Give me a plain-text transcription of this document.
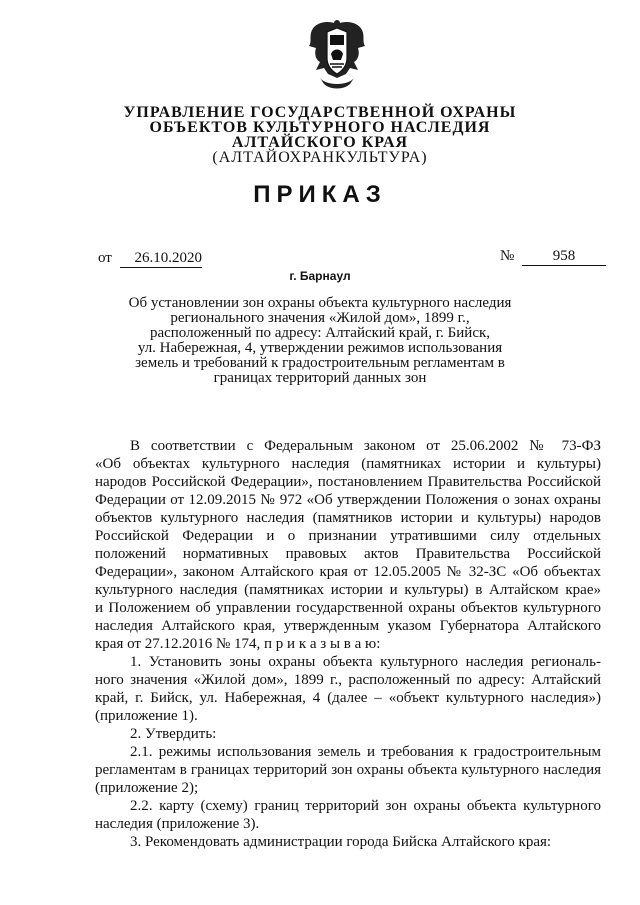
УПРАВЛЕНИЕ ГОСУДАРСТВЕННОЙ ОХРАНЫ
ОБЪЕКТОВ КУЛЬТУРНОГО НАСЛЕДИЯ
АЛТАЙСКОГО КРАЯ
(АЛТАЙОХРАНКУЛЬТУРА)
ПРИКАЗ
от	26.10.2020	№	958
г. Барнаул
Об установлении зон охраны объекта культурного наследия
регионального значения «Жилой дом», 1899 г.,
расположенный по адресу: Алтайский край, г. Бийск,
ул. Набережная, 4, утверждении режимов использования
земель и требований к градостроительным регламентам в
границах территорий данных зон
В соответствии с Федеральным законом от 25.06.2002 № 73-ФЗ
«Об объектах культурного наследия (памятниках истории и культуры)
народов Российской Федерации», постановлением Правительства Российской
Федерации от 12.09.2015 № 972 «Об утверждении Положения о зонах охраны
объектов культурного наследия (памятников истории и культуры) народов
Российской Федерации и о признании утратившими силу отдельных
положений нормативных правовых актов Правительства Российской
Федерации», законом Алтайского края от 12.05.2005 № 32-ЗС «Об объектах
культурного наследия (памятниках истории и культуры) в Алтайском крае»
и Положением об управлении государственной охраны объектов культурного
наследия Алтайского края, утвержденным указом Губернатора Алтайского
края от 27.12.2016 № 174, п р и к а з ы в а ю:
1. Установить зоны охраны объекта культурного наследия региональ-
ного значения «Жилой дом», 1899 г., расположенный по адресу: Алтайский
край, г. Бийск, ул. Набережная, 4 (далее – «объект культурного наследия»)
(приложение 1).
2. Утвердить:
2.1. режимы использования земель и требования к градостроительным
регламентам в границах территорий зон охраны объекта культурного наследия
(приложение 2);
2.2. карту (схему) границ территорий зон охраны объекта культурного
наследия (приложение 3).
3. Рекомендовать администрации города Бийска Алтайского края:
